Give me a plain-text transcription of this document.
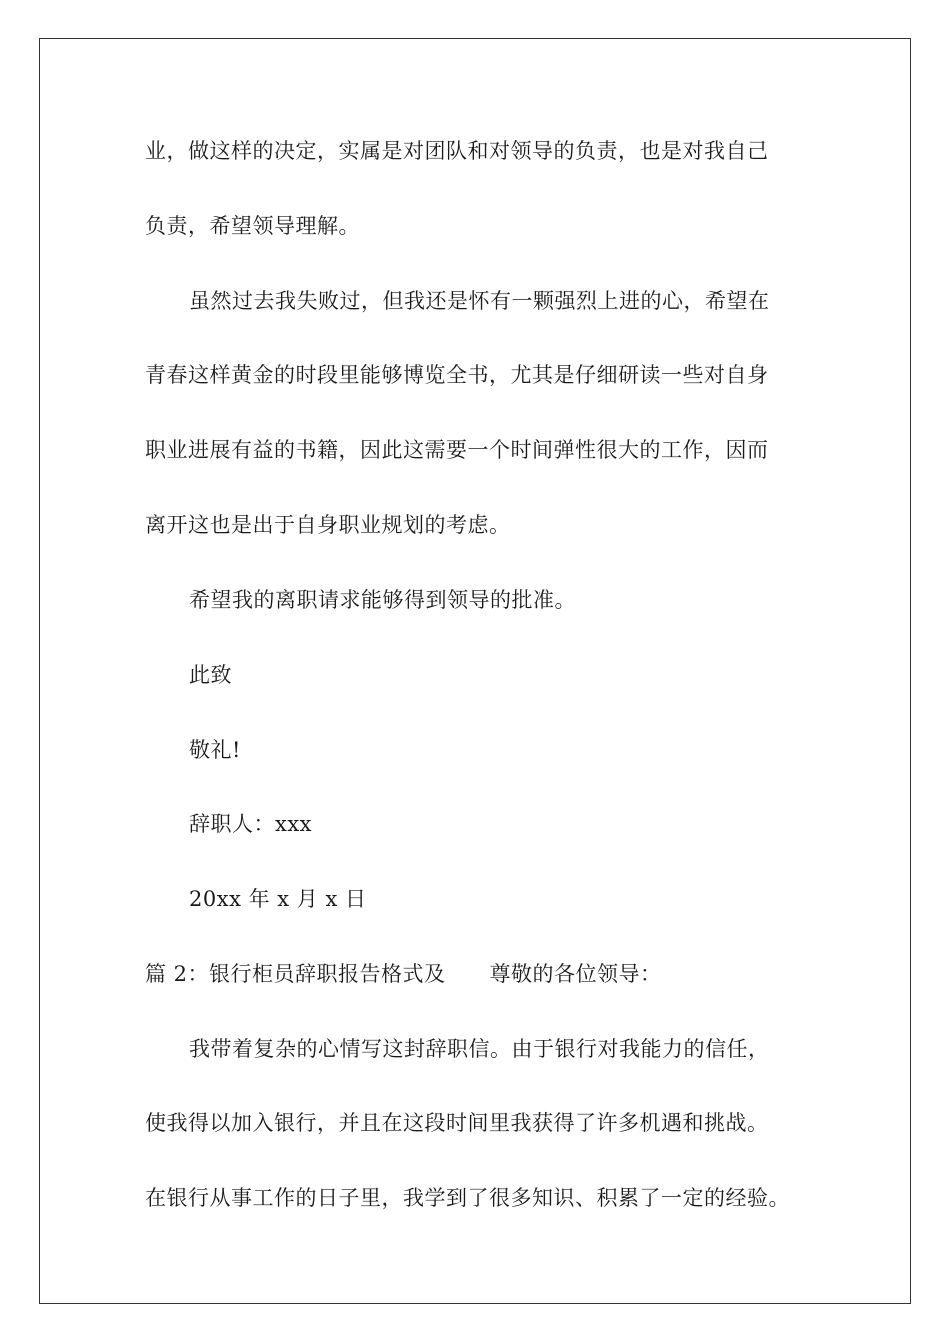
业，做这样的决定，实属是对团队和对领导的负责，也是对我自己
负责，希望领导理解。
虽然过去我失败过，但我还是怀有一颗强烈上进的心，希望在
青春这样黄金的时段里能够博览全书，尤其是仔细研读一些对自身
职业进展有益的书籍，因此这需要一个时间弹性很大的工作，因而
离开这也是出于自身职业规划的考虑。
希望我的离职请求能够得到领导的批准。
此致
敬礼!
辞职人：xxx
20xx 年 x 月 x 日
篇 2：银行柜员辞职报告格式及 尊敬的各位领导：
我带着复杂的心情写这封辞职信。由于银行对我能力的信任，
使我得以加入银行，并且在这段时间里我获得了许多机遇和挑战。
在银行从事工作的日子里，我学到了很多知识、积累了一定的经验。
